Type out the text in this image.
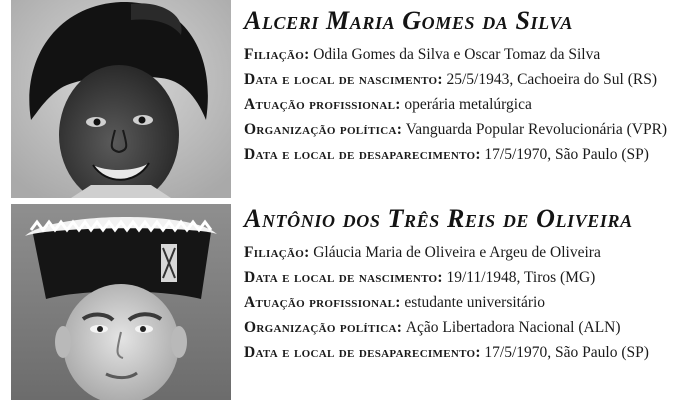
Alceri Maria Gomes da Silva
Filiação: Odila Gomes da Silva e Oscar Tomaz da Silva
Data e local de nascimento: 25/5/1943, Cachoeira do Sul (RS)
Atuação profissional: operária metalúrgica
Organização política: Vanguarda Popular Revolucionária (VPR)
Data e local de desaparecimento: 17/5/1970, São Paulo (SP)
Antônio dos Três Reis de Oliveira
Filiação: Gláucia Maria de Oliveira e Argeu de Oliveira
Data e local de nascimento: 19/11/1948, Tiros (MG)
Atuação profissional: estudante universitário
Organização política: Ação Libertadora Nacional (ALN)
Data e local de desaparecimento: 17/5/1970, São Paulo (SP)
